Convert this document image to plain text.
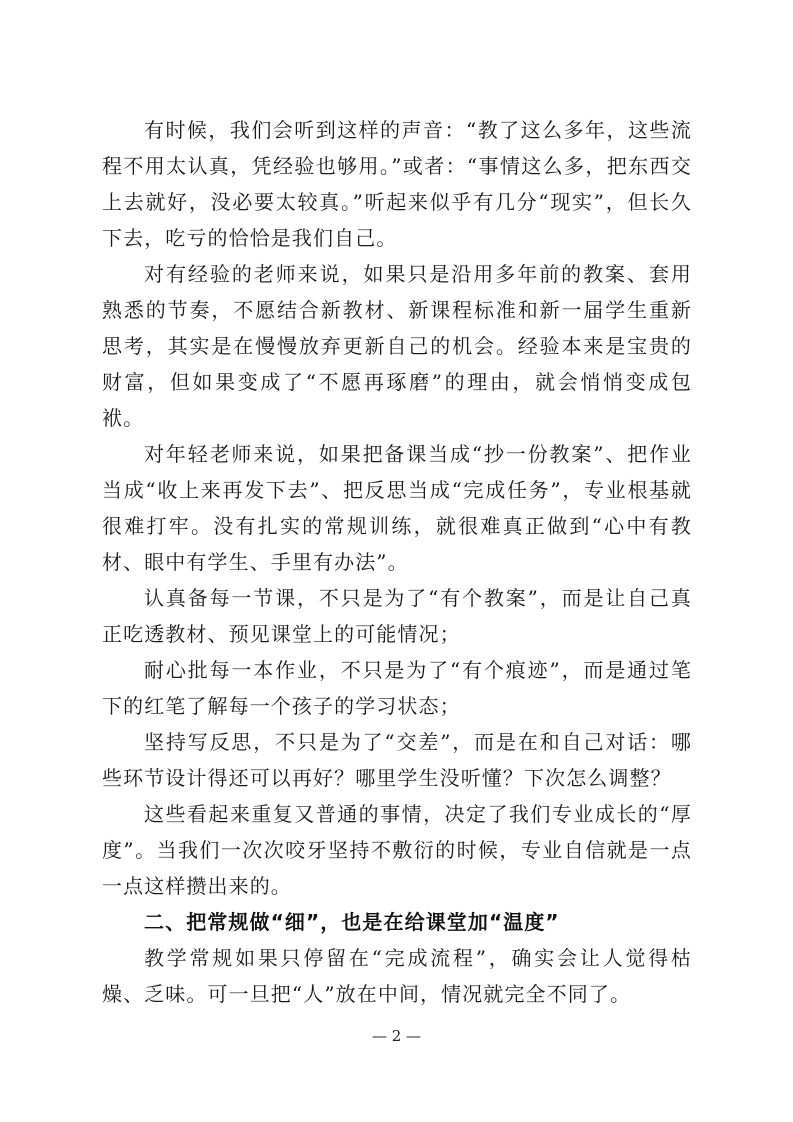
有时候，我们会听到这样的声音：“教了这么多年，这些流程不用太认真，凭经验也够用。”或者：“事情这么多，把东西交上去就好，没必要太较真。”听起来似乎有几分“现实”，但长久下去，吃亏的恰恰是我们自己。

对有经验的老师来说，如果只是沿用多年前的教案、套用熟悉的节奏，不愿结合新教材、新课程标准和新一届学生重新思考，其实是在慢慢放弃更新自己的机会。经验本来是宝贵的财富，但如果变成了“不愿再琢磨”的理由，就会悄悄变成包袱。

对年轻老师来说，如果把备课当成“抄一份教案”、把作业当成“收上来再发下去”、把反思当成“完成任务”，专业根基就很难打牢。没有扎实的常规训练，就很难真正做到“心中有教材、眼中有学生、手里有办法”。

认真备每一节课，不只是为了“有个教案”，而是让自己真正吃透教材、预见课堂上的可能情况；

耐心批每一本作业，不只是为了“有个痕迹”，而是通过笔下的红笔了解每一个孩子的学习状态；

坚持写反思，不只是为了“交差”，而是在和自己对话：哪些环节设计得还可以再好？哪里学生没听懂？下次怎么调整？

这些看起来重复又普通的事情，决定了我们专业成长的“厚度”。当我们一次次咬牙坚持不敷衍的时候，专业自信就是一点一点这样攒出来的。

二、把常规做“细”，也是在给课堂加“温度”

教学常规如果只停留在“完成流程”，确实会让人觉得枯燥、乏味。可一旦把“人”放在中间，情况就完全不同了。

— 2 —
